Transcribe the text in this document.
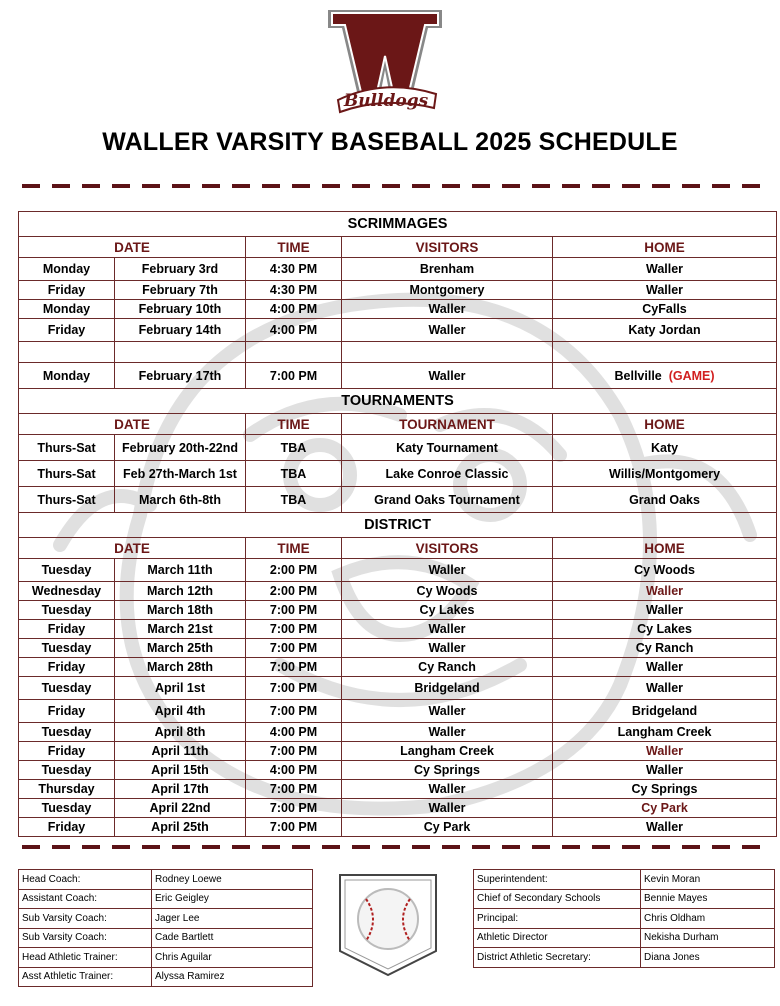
Bulldogs
WALLER VARSITY BASEBALL 2025 SCHEDULE
SCRIMMAGES				
DATE		TIME	VISITORS	HOME
Monday	February 3rd	4:30 PM	Brenham	Waller
Friday	February 7th	4:30 PM	Montgomery	Waller
Monday	February 10th	4:00 PM	Waller	CyFalls
Friday	February 14th	4:00 PM	Waller	Katy Jordan

Monday	February 17th	7:00 PM	Waller	Bellville (GAME)
TOURNAMENTS				
DATE		TIME	TOURNAMENT	HOME
Thurs-Sat	February 20th-22nd	TBA	Katy Tournament	Katy
Thurs-Sat	Feb 27th-March 1st	TBA	Lake Conroe Classic	Willis/Montgomery
Thurs-Sat	March 6th-8th	TBA	Grand Oaks Tournament	Grand Oaks
DISTRICT				
DATE		TIME	VISITORS	HOME
Tuesday	March 11th	2:00 PM	Waller	Cy Woods
Wednesday	March 12th	2:00 PM	Cy Woods	Waller
Tuesday	March 18th	7:00 PM	Cy Lakes	Waller
Friday	March 21st	7:00 PM	Waller	Cy Lakes
Tuesday	March 25th	7:00 PM	Waller	Cy Ranch
Friday	March 28th	7:00 PM	Cy Ranch	Waller
Tuesday	April 1st	7:00 PM	Bridgeland	Waller
Friday	April 4th	7:00 PM	Waller	Bridgeland
Tuesday	April 8th	4:00 PM	Waller	Langham Creek
Friday	April 11th	7:00 PM	Langham Creek	Waller
Tuesday	April 15th	4:00 PM	Cy Springs	Waller
Thursday	April 17th	7:00 PM	Waller	Cy Springs
Tuesday	April 22nd	7:00 PM	Waller	Cy Park
Friday	April 25th	7:00 PM	Cy Park	Waller
Head Coach:	Rodney Loewe
Assistant Coach:	Eric Geigley
Sub Varsity Coach:	Jager Lee
Sub Varsity Coach:	Cade Bartlett
Head Athletic Trainer:	Chris Aguilar
Asst Athletic Trainer:	Alyssa Ramirez
Superintendent:	Kevin Moran
Chief of Secondary Schools	Bennie Mayes
Principal:	Chris Oldham
Athletic Director	Nekisha Durham
District Athletic Secretary:	Diana Jones
